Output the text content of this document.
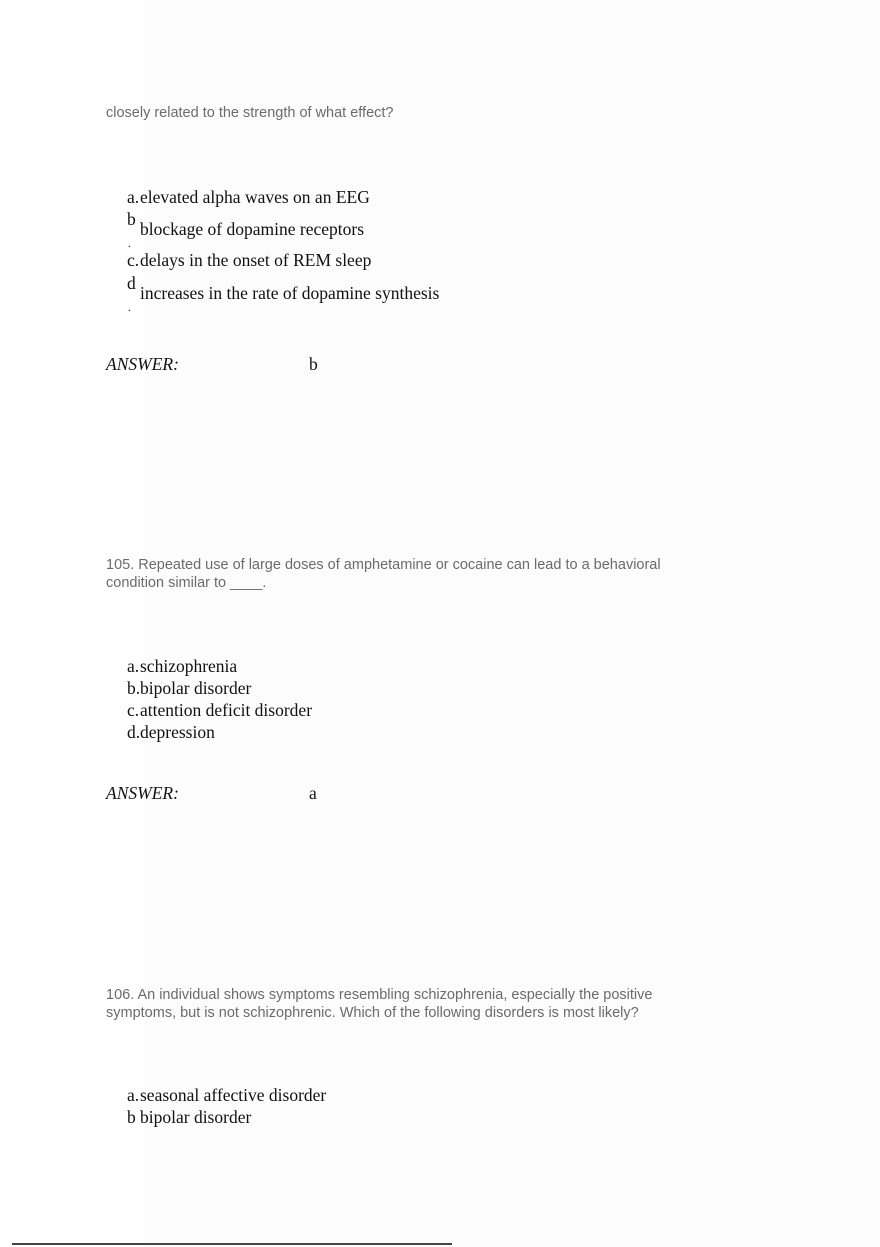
closely related to the strength of what effect?
a.elevated alpha waves on an EEG
b
.
blockage of dopamine receptors
c.delays in the onset of REM sleep
d
.
increases in the rate of dopamine synthesis
ANSWER:	b
105. Repeated use of large doses of amphetamine or cocaine can lead to a behavioral
condition similar to ____.
a.schizophrenia
b.bipolar disorder
c.attention deficit disorder
d.depression
ANSWER:	a
106. An individual shows symptoms resembling schizophrenia, especially the positive
symptoms, but is not schizophrenic. Which of the following disorders is most likely?
a.seasonal affective disorder
bbipolar disorder
